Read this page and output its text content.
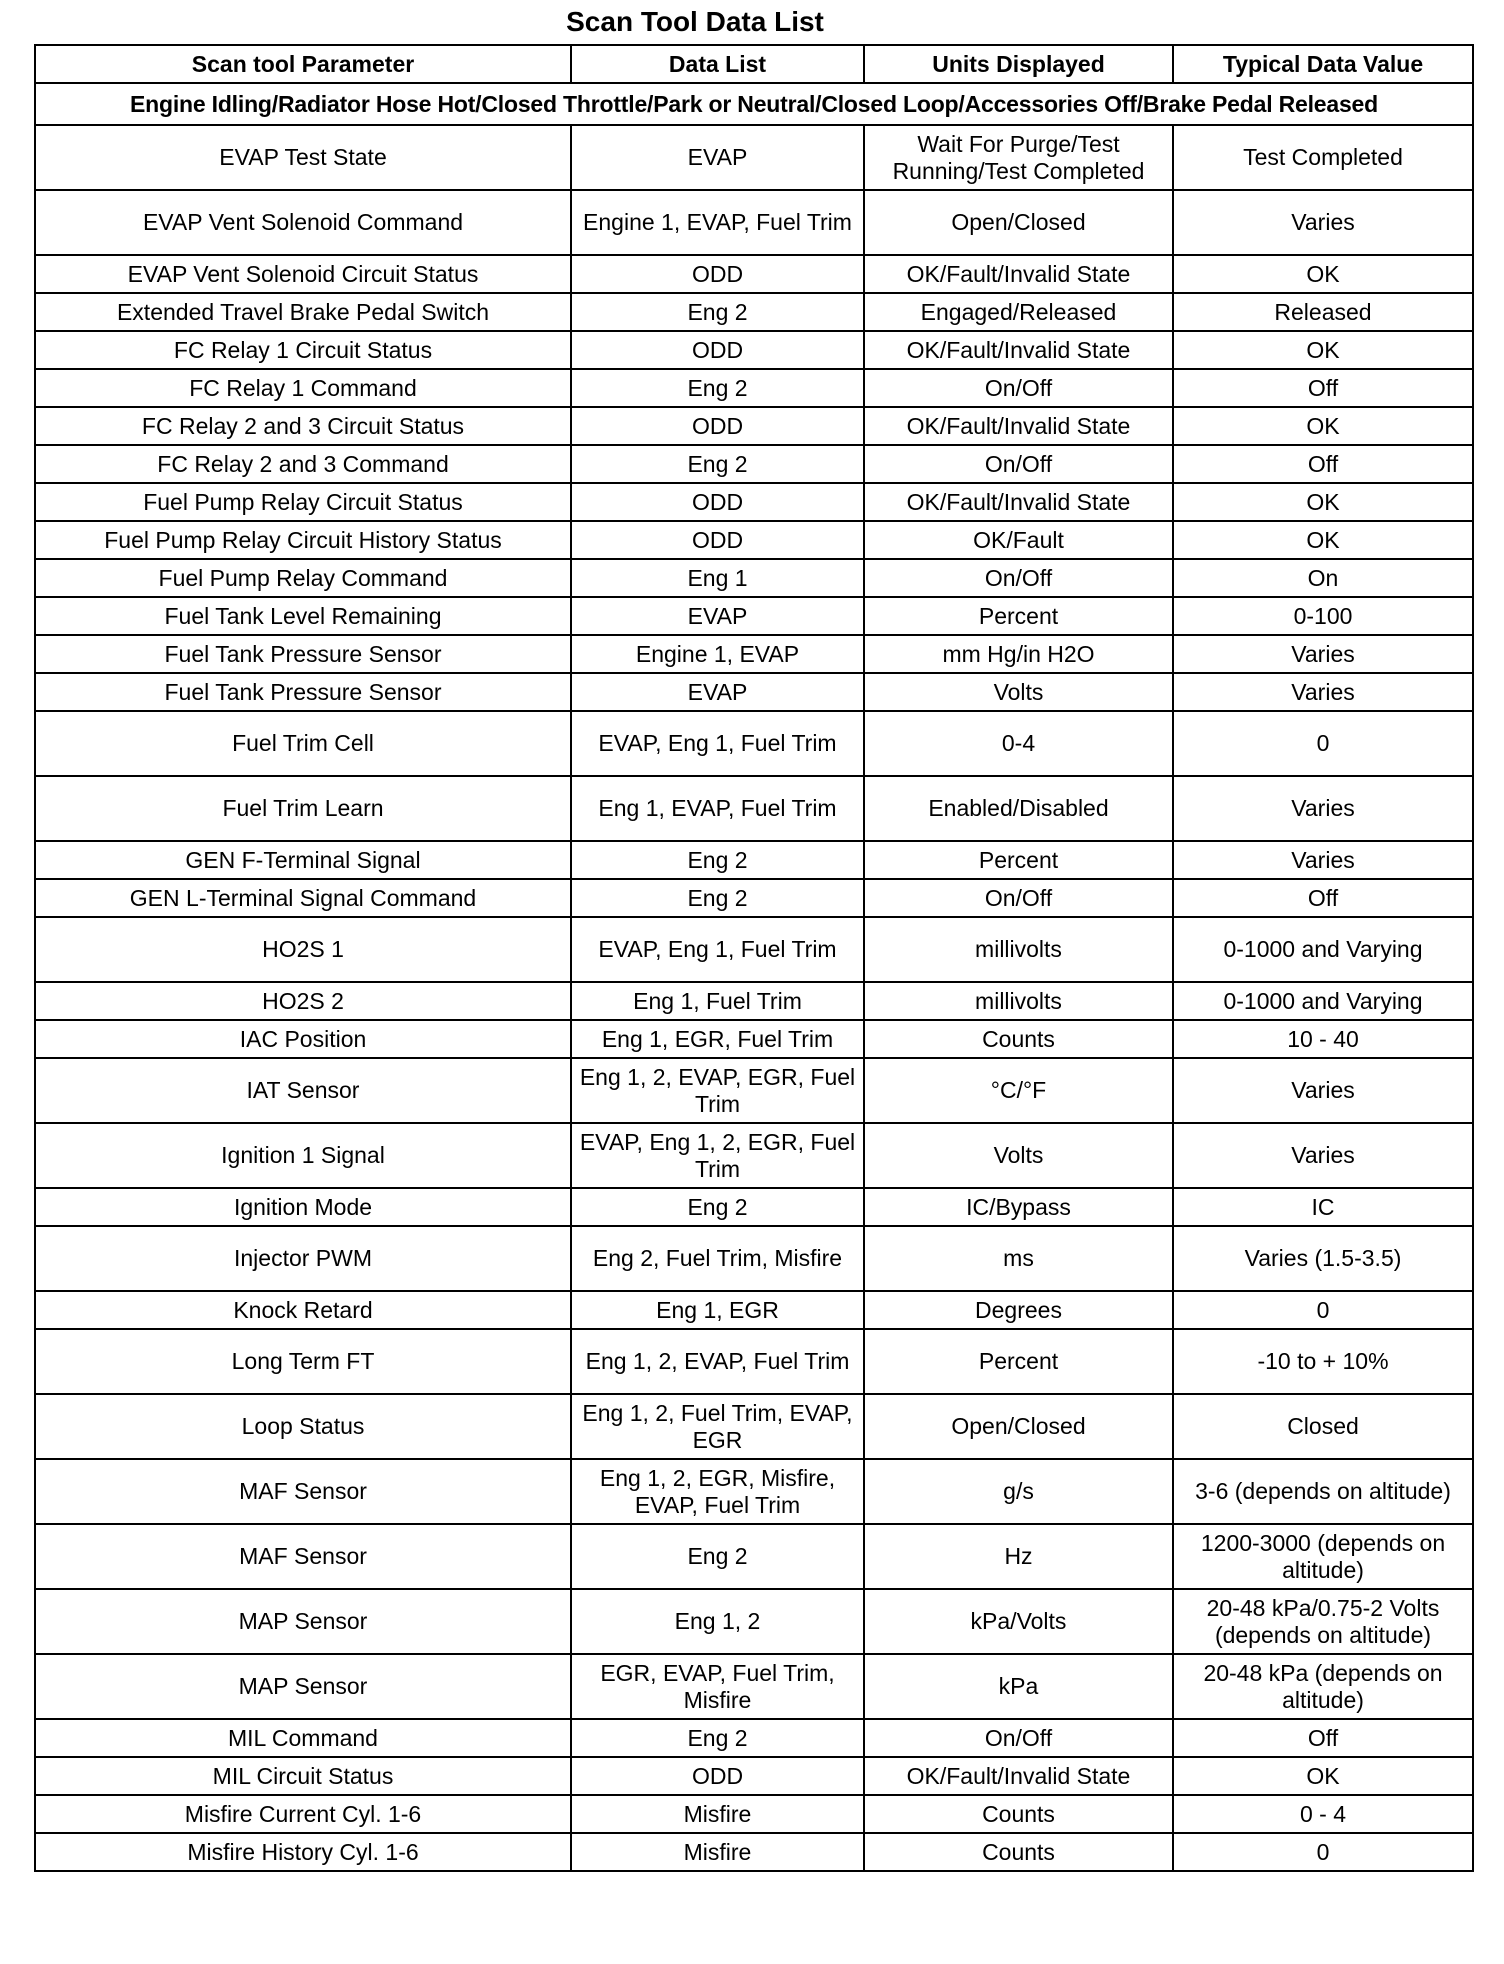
Scan Tool Data List
Scan tool Parameter	Data List	Units Displayed	Typical Data Value
Engine Idling/Radiator Hose Hot/Closed Throttle/Park or Neutral/Closed Loop/Accessories Off/Brake Pedal Released			
EVAP Test State	EVAP	Wait For Purge/Test Running/Test Completed	Test Completed
EVAP Vent Solenoid Command	Engine 1, EVAP, Fuel Trim	Open/Closed	Varies
EVAP Vent Solenoid Circuit Status	ODD	OK/Fault/Invalid State	OK
Extended Travel Brake Pedal Switch	Eng 2	Engaged/Released	Released
FC Relay 1 Circuit Status	ODD	OK/Fault/Invalid State	OK
FC Relay 1 Command	Eng 2	On/Off	Off
FC Relay 2 and 3 Circuit Status	ODD	OK/Fault/Invalid State	OK
FC Relay 2 and 3 Command	Eng 2	On/Off	Off
Fuel Pump Relay Circuit Status	ODD	OK/Fault/Invalid State	OK
Fuel Pump Relay Circuit History Status	ODD	OK/Fault	OK
Fuel Pump Relay Command	Eng 1	On/Off	On
Fuel Tank Level Remaining	EVAP	Percent	0-100
Fuel Tank Pressure Sensor	Engine 1, EVAP	mm Hg/in H2O	Varies
Fuel Tank Pressure Sensor	EVAP	Volts	Varies
Fuel Trim Cell	EVAP, Eng 1, Fuel Trim	0-4	0
Fuel Trim Learn	Eng 1, EVAP, Fuel Trim	Enabled/Disabled	Varies
GEN F-Terminal Signal	Eng 2	Percent	Varies
GEN L-Terminal Signal Command	Eng 2	On/Off	Off
HO2S 1	EVAP, Eng 1, Fuel Trim	millivolts	0-1000 and Varying
HO2S 2	Eng 1, Fuel Trim	millivolts	0-1000 and Varying
IAC Position	Eng 1, EGR, Fuel Trim	Counts	10 - 40
IAT Sensor	Eng 1, 2, EVAP, EGR, Fuel Trim	°C/°F	Varies
Ignition 1 Signal	EVAP, Eng 1, 2, EGR, Fuel Trim	Volts	Varies
Ignition Mode	Eng 2	IC/Bypass	IC
Injector PWM	Eng 2, Fuel Trim, Misfire	ms	Varies (1.5-3.5)
Knock Retard	Eng 1, EGR	Degrees	0
Long Term FT	Eng 1, 2, EVAP, Fuel Trim	Percent	-10 to + 10%
Loop Status	Eng 1, 2, Fuel Trim, EVAP, EGR	Open/Closed	Closed
MAF Sensor	Eng 1, 2, EGR, Misfire, EVAP, Fuel Trim	g/s	3-6 (depends on altitude)
MAF Sensor	Eng 2	Hz	1200-3000 (depends on altitude)
MAP Sensor	Eng 1, 2	kPa/Volts	20-48 kPa/0.75-2 Volts (depends on altitude)
MAP Sensor	EGR, EVAP, Fuel Trim, Misfire	kPa	20-48 kPa (depends on altitude)
MIL Command	Eng 2	On/Off	Off
MIL Circuit Status	ODD	OK/Fault/Invalid State	OK
Misfire Current Cyl. 1-6	Misfire	Counts	0 - 4
Misfire History Cyl. 1-6	Misfire	Counts	0
